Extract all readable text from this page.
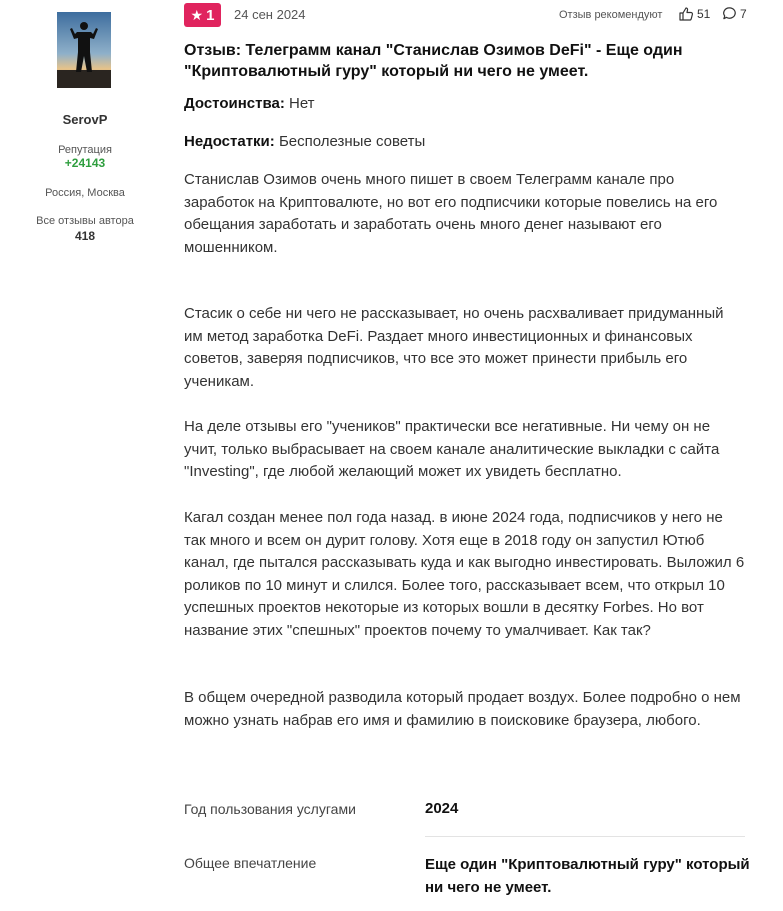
SerovP
Репутация
+24143
Россия, Москва
Все отзывы автора
418
★ 1 24 сен 2024	Отзыв рекомендуют	51 7
Отзыв: Телеграмм канал "Станислав Озимов DeFi" - Еще один "Криптовалютный гуру" который ни чего не умеет.
Достоинства: Нет
Недостатки: Бесполезные советы

Станислав Озимов очень много пишет в своем Телеграмм канале про заработок на Криптовалюте, но вот его подписчики которые повелись на его обещания заработать и заработать очень много денег называют его мошенником.

Стасик о себе ни чего не рассказывает, но очень расхваливает придуманный им метод заработка DeFi. Раздает много инвестиционных и финансовых советов, заверяя подписчиков, что все это может принести прибыль его ученикам.

На деле отзывы его "учеников" практически все негативные. Ни чему он не учит, только выбрасывает на своем канале аналитические выкладки с сайта "Investing", где любой желающий может их увидеть бесплатно.

Кагал создан менее пол года назад. в июне 2024 года, подписчиков у него не так много и всем он дурит голову. Хотя еще в 2018 году он запустил Ютюб канал, где пытался рассказывать куда и как выгодно инвестировать. Выложил 6 роликов по 10 минут и слился. Более того, рассказывает всем, что открыл 10 успешных проектов некоторые из которых вошли в десятку Forbes. Но вот название этих "спешных" проектов почему то умалчивает. Как так?

В общем очередной разводила который продает воздух. Более подробно о нем можно узнать набрав его имя и фамилию в поисковике браузера, любого.

Год пользования услугами	2024
Общее впечатление	Еще один "Криптовалютный гуру" который ни чего не умеет.
